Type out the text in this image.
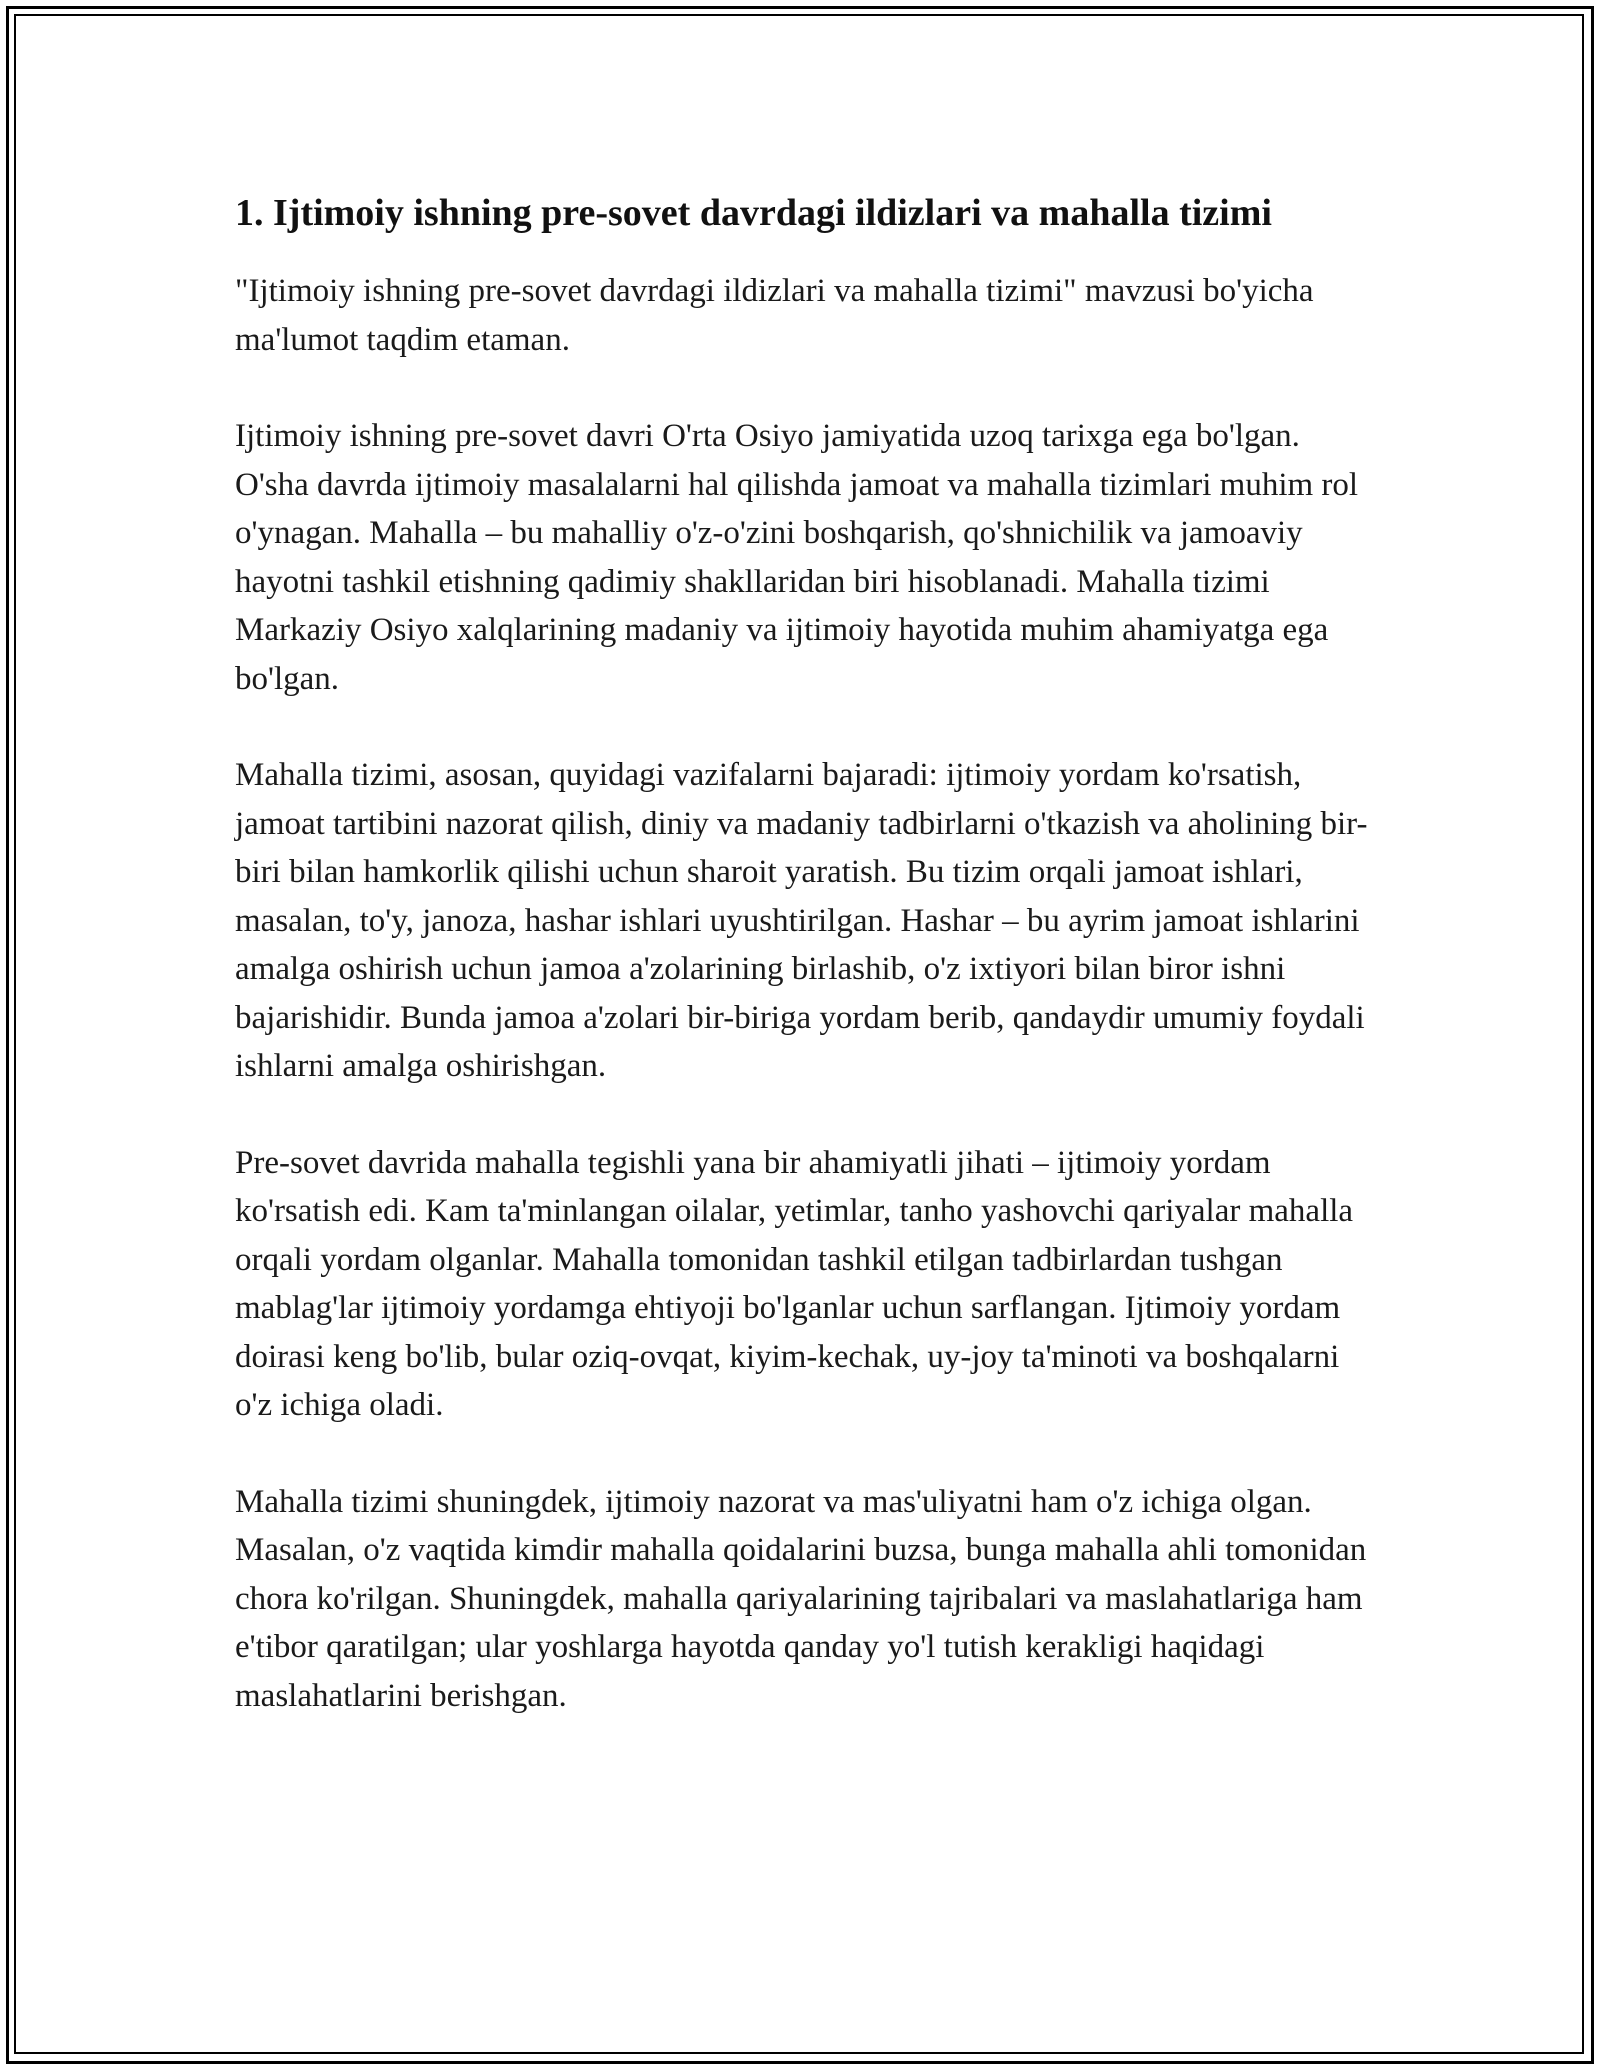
1. Ijtimoiy ishning pre-sovet davrdagi ildizlari va mahalla tizimi

"Ijtimoiy ishning pre-sovet davrdagi ildizlari va mahalla tizimi" mavzusi bo'yicha ma'lumot taqdim etaman.

Ijtimoiy ishning pre-sovet davri O'rta Osiyo jamiyatida uzoq tarixga ega bo'lgan. O'sha davrda ijtimoiy masalalarni hal qilishda jamoat va mahalla tizimlari muhim rol o'ynagan. Mahalla – bu mahalliy o'z-o'zini boshqarish, qo'shnichilik va jamoaviy hayotni tashkil etishning qadimiy shakllaridan biri hisoblanadi. Mahalla tizimi Markaziy Osiyo xalqlarining madaniy va ijtimoiy hayotida muhim ahamiyatga ega bo'lgan.

Mahalla tizimi, asosan, quyidagi vazifalarni bajaradi: ijtimoiy yordam ko'rsatish, jamoat tartibini nazorat qilish, diniy va madaniy tadbirlarni o'tkazish va aholining bir-biri bilan hamkorlik qilishi uchun sharoit yaratish. Bu tizim orqali jamoat ishlari, masalan, to'y, janoza, hashar ishlari uyushtirilgan. Hashar – bu ayrim jamoat ishlarini amalga oshirish uchun jamoa a'zolarining birlashib, o'z ixtiyori bilan biror ishni bajarishidir. Bunda jamoa a'zolari bir-biriga yordam berib, qandaydir umumiy foydali ishlarni amalga oshirishgan.

Pre-sovet davrida mahalla tegishli yana bir ahamiyatli jihati – ijtimoiy yordam ko'rsatish edi. Kam ta'minlangan oilalar, yetimlar, tanho yashovchi qariyalar mahalla orqali yordam olganlar. Mahalla tomonidan tashkil etilgan tadbirlardan tushgan mablag'lar ijtimoiy yordamga ehtiyoji bo'lganlar uchun sarflangan. Ijtimoiy yordam doirasi keng bo'lib, bular oziq-ovqat, kiyim-kechak, uy-joy ta'minoti va boshqalarni o'z ichiga oladi.

Mahalla tizimi shuningdek, ijtimoiy nazorat va mas'uliyatni ham o'z ichiga olgan. Masalan, o'z vaqtida kimdir mahalla qoidalarini buzsa, bunga mahalla ahli tomonidan chora ko'rilgan. Shuningdek, mahalla qariyalarining tajribalari va maslahatlariga ham e'tibor qaratilgan; ular yoshlarga hayotda qanday yo'l tutish kerakligi haqidagi maslahatlarini berishgan.
